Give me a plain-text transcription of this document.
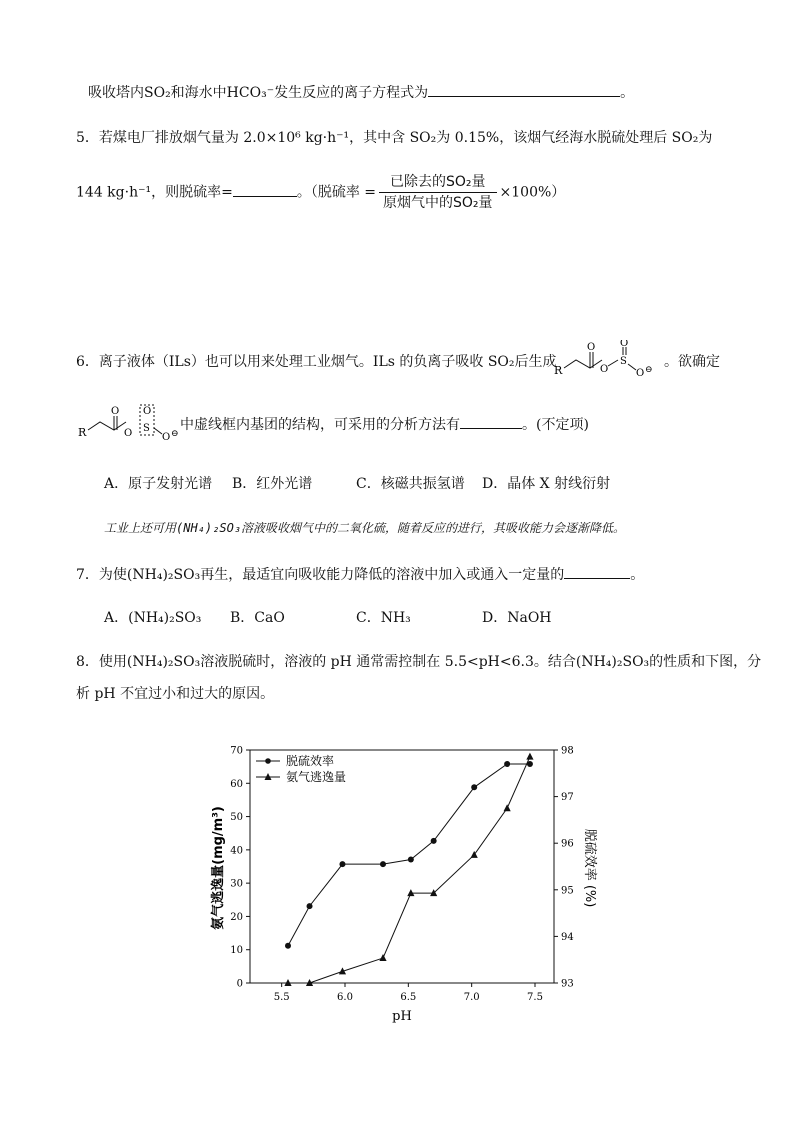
吸收塔内SO₂和海水中HCO₃⁻发生反应的离子方程式为	。
5．若煤电厂排放烟气量为 2.0×10⁶ kg·h⁻¹，其中含 SO₂为 0.15%，该烟气经海水脱硫处理后 SO₂为
144 kg·h⁻¹，则脱硫率=	。（脱硫率 = $\frac{\text{已除去的SO₂量}}{\text{原烟气中的SO₂量}} \times 100\%$）
6．离子液体（ILs）也可以用来处理工业烟气。ILs 的负离子吸收 SO₂后生成
R
O
O
S
O
O ⊖ 。欲确定
R
O
O
O
S
O ⊖
中虚线框内基团的结构，可采用的分析方法有	。(不定项)
A．原子发射光谱 B．红外光谱	C．核磁共振氢谱 D．晶体 X 射线衍射
工业上还可用(NH₄)₂SO₃溶液吸收烟气中的二氧化硫，随着反应的进行，其吸收能力会逐渐降低。
7．为使(NH₄)₂SO₃再生，最适宜向吸收能力降低的溶液中加入或通入一定量的	。
A．(NH₄)₂SO₃ B．CaO	C．NH₃	D．NaOH
8．使用(NH₄)₂SO₃溶液脱硫时，溶液的 pH 通常需控制在 5.5<pH<6.3。结合(NH₄)₂SO₃的性质和下图，分
析 pH 不宜过小和过大的原因。
5.5	6.0	6.5	7.0	7.5
0
10
20
30
40
50
60
70
93
94
95
96
97
98
pH
氨气逃逸量(mg/m³)	脱硫效率 (%)
脱硫效率
氨气逃逸量
